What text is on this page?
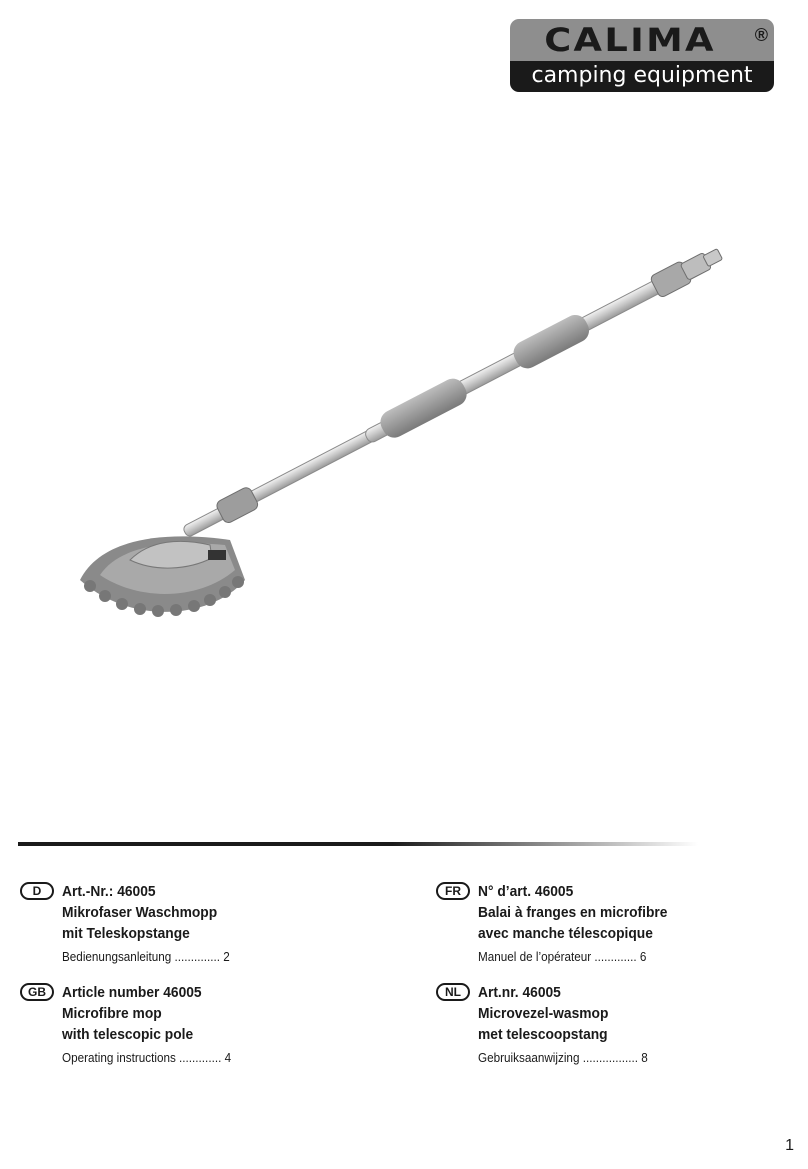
CALIMA	®
camping equipment
D	Art.-Nr.: 46005
Mikrofaser Waschmopp
mit Teleskopstange
Bedienungsanleitung .............. 2
FR	N° d’art. 46005
Balai à franges en microfibre
avec manche télescopique
Manuel de l’opérateur ............. 6
GB	Article number 46005
Microfibre mop
with telescopic pole
Operating instructions ............. 4
NL	Art.nr. 46005
Microvezel-wasmop
met telescoopstang
Gebruiksaanwijzing ................. 8
1
